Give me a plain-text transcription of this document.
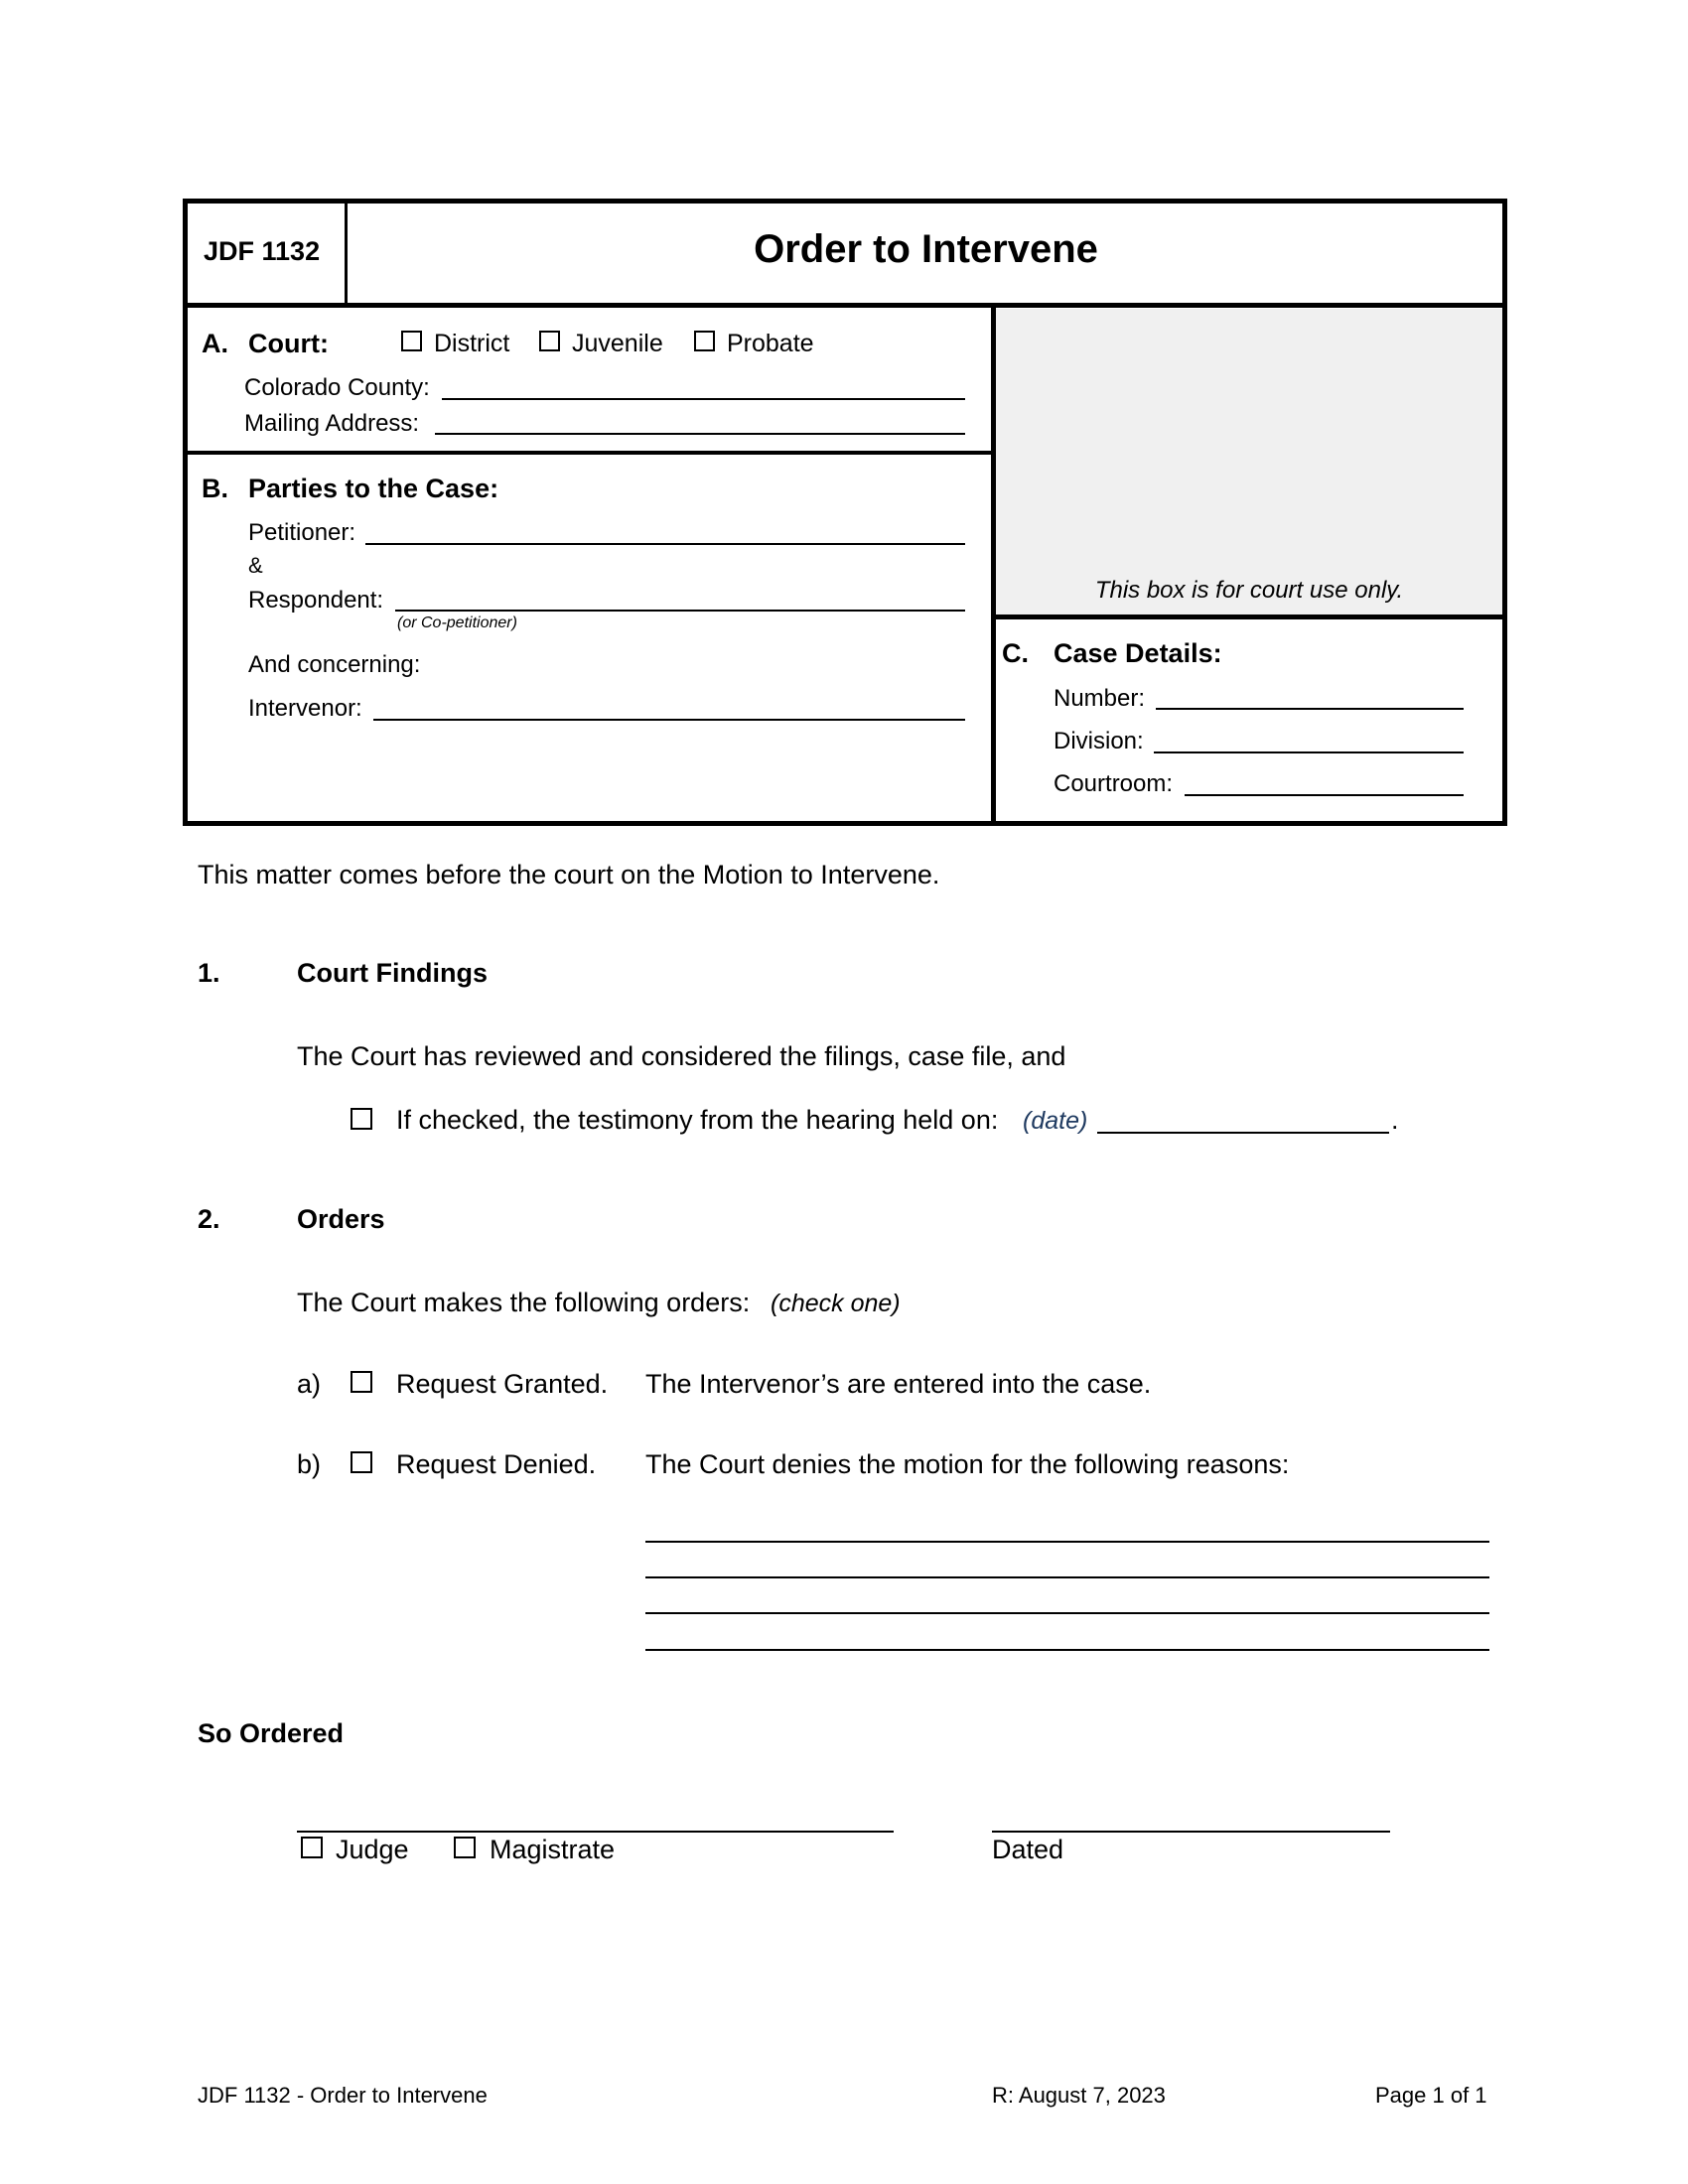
JDF 1132	Order to Intervene
A. Court:	District	Juvenile	Probate
Colorado County:
Mailing Address:
B. Parties to the Case:
Petitioner:
&
Respondent:
(or Co-petitioner)
And concerning:
Intervenor:
This box is for court use only.
C. Case Details:
Number:
Division:
Courtroom:
This matter comes before the court on the Motion to Intervene.
1.	Court Findings
The Court has reviewed and considered the filings, case file, and
If checked, the testimony from the hearing held on: (date)	.
2.	Orders
The Court makes the following orders: (check one)
a)	Request Granted. The Intervenor’s are entered into the case.
b)	Request Denied. The Court denies the motion for the following reasons:
So Ordered
Judge	Magistrate	Dated
JDF 1132 - Order to Intervene	R: August 7, 2023	Page 1 of 1
